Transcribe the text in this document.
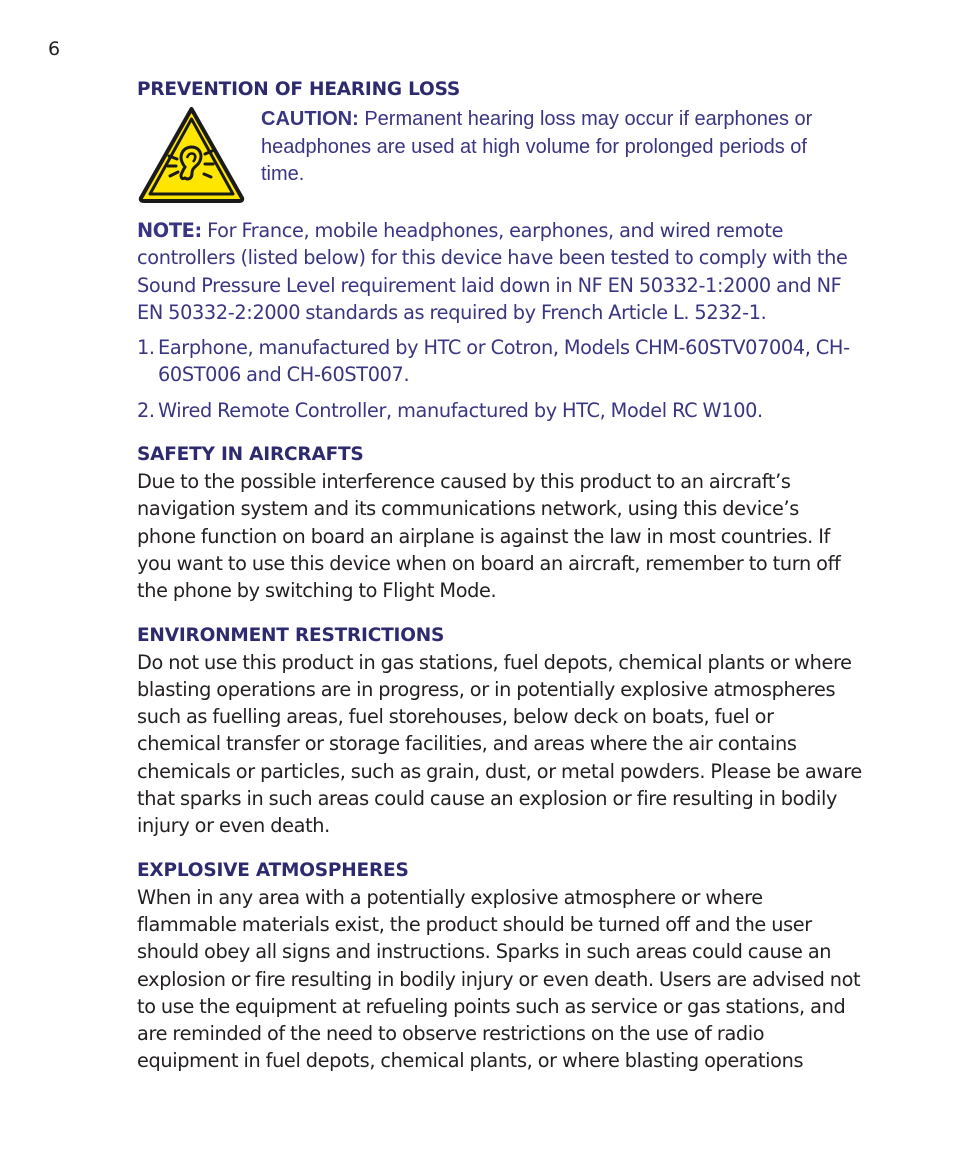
6
PREVENTION OF HEARING LOSS
CAUTION: Permanent hearing loss may occur if earphones or headphones are used at high volume for prolonged periods of time.

NOTE: For France, mobile headphones, earphones, and wired remote controllers (listed below) for this device have been tested to comply with the Sound Pressure Level requirement laid down in NF EN 50332-1:2000 and NF EN 50332-2:2000 standards as required by French Article L. 5232-1.

1. Earphone, manufactured by HTC or Cotron, Models CHM-60STV07004, CH-60ST006 and CH-60ST007.
2. Wired Remote Controller, manufactured by HTC, Model RC W100.
SAFETY IN AIRCRAFTS

Due to the possible interference caused by this product to an aircraft’s navigation system and its communications network, using this device’s phone function on board an airplane is against the law in most countries. If you want to use this device when on board an aircraft, remember to turn off the phone by switching to Flight Mode.

ENVIRONMENT RESTRICTIONS

Do not use this product in gas stations, fuel depots, chemical plants or where blasting operations are in progress, or in potentially explosive atmospheres such as fuelling areas, fuel storehouses, below deck on boats, fuel or chemical transfer or storage facilities, and areas where the air contains chemicals or particles, such as grain, dust, or metal powders. Please be aware that sparks in such areas could cause an explosion or fire resulting in bodily injury or even death.

EXPLOSIVE ATMOSPHERES

When in any area with a potentially explosive atmosphere or where flammable materials exist, the product should be turned off and the user should obey all signs and instructions. Sparks in such areas could cause an explosion or fire resulting in bodily injury or even death. Users are advised not to use the equipment at refueling points such as service or gas stations, and are reminded of the need to observe restrictions on the use of radio equipment in fuel depots, chemical plants, or where blasting operations
